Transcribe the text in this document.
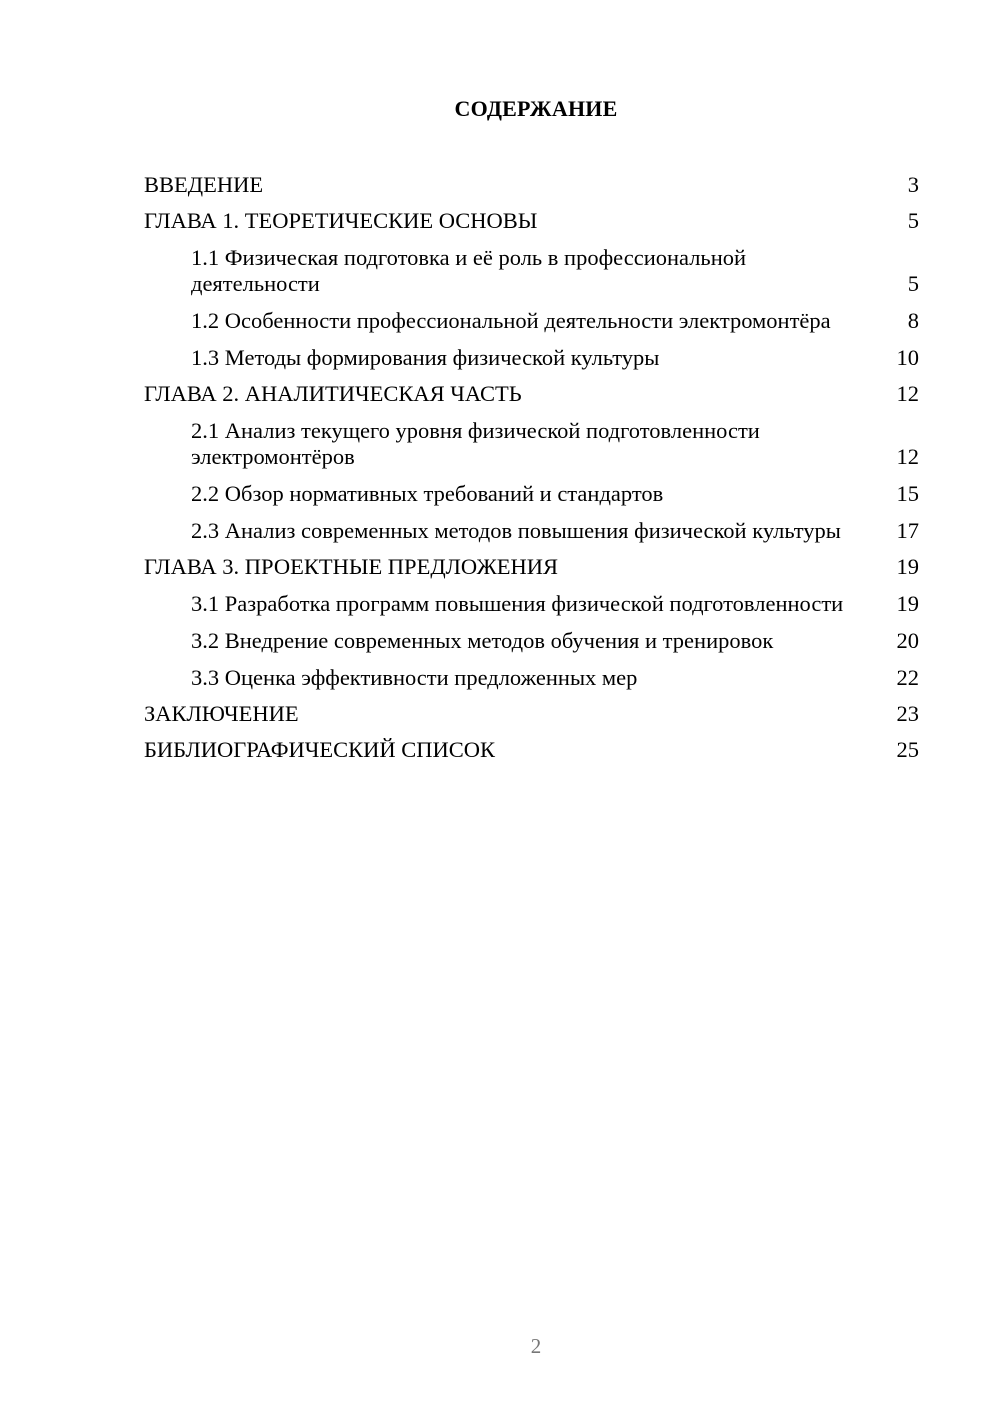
СОДЕРЖАНИЕ
ВВЕДЕНИЕ	3
ГЛАВА 1. ТЕОРЕТИЧЕСКИЕ ОСНОВЫ	5
1.1 Физическая подготовка и её роль в профессиональной деятельности	5
1.2 Особенности профессиональной деятельности электромонтёра	8
1.3 Методы формирования физической культуры	10
ГЛАВА 2. АНАЛИТИЧЕСКАЯ ЧАСТЬ	12
2.1 Анализ текущего уровня физической подготовленности электромонтёров	12
2.2 Обзор нормативных требований и стандартов	15
2.3 Анализ современных методов повышения физической культуры	17
ГЛАВА 3. ПРОЕКТНЫЕ ПРЕДЛОЖЕНИЯ	19
3.1 Разработка программ повышения физической подготовленности	19
3.2 Внедрение современных методов обучения и тренировок	20
3.3 Оценка эффективности предложенных мер	22
ЗАКЛЮЧЕНИЕ	23
БИБЛИОГРАФИЧЕСКИЙ СПИСОК	25
2
